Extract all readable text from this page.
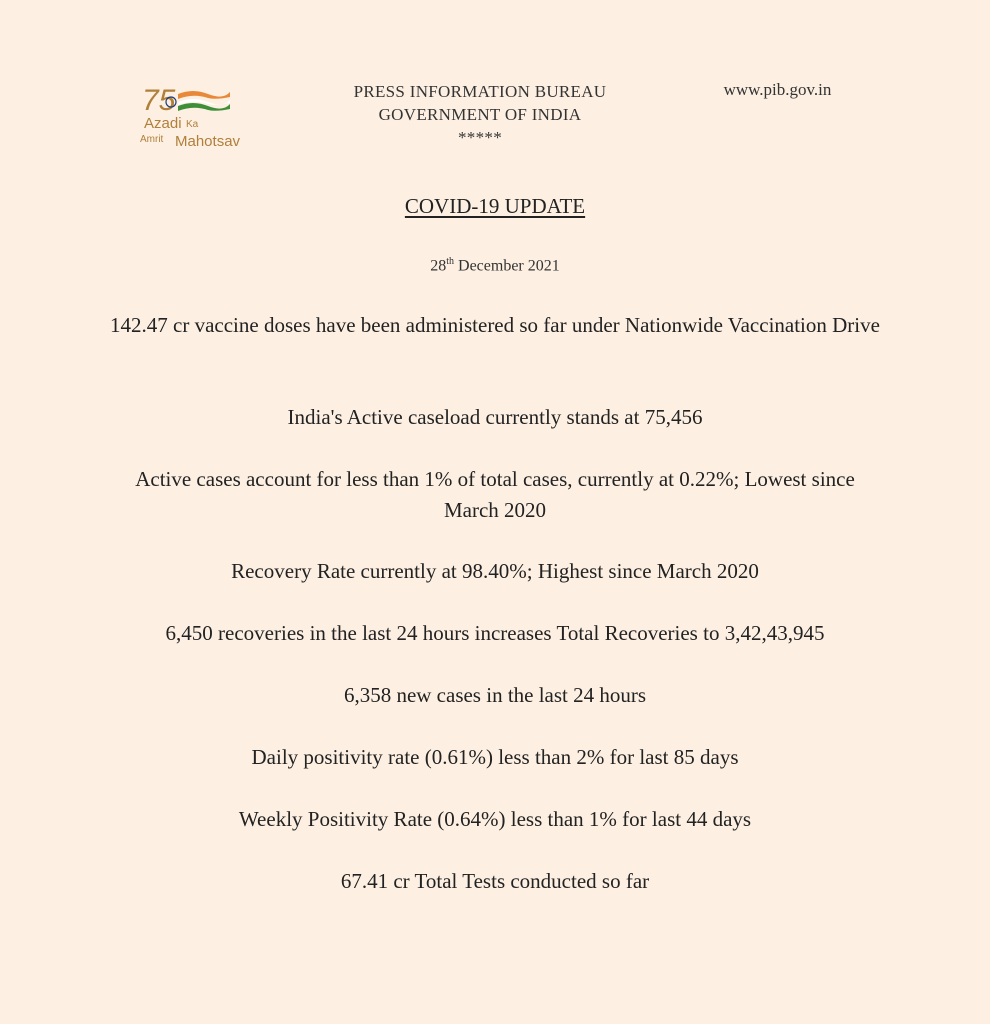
75
Azadi Ka
Amrit Mahotsav
PRESS INFORMATION BUREAU
GOVERNMENT OF INDIA
*****
www.pib.gov.in
COVID-19 UPDATE
28th December 2021
142.47 cr vaccine doses have been administered so far under Nationwide Vaccination Drive
India's Active caseload currently stands at 75,456
Active cases account for less than 1% of total cases, currently at 0.22%; Lowest since March 2020
Recovery Rate currently at 98.40%; Highest since March 2020
6,450 recoveries in the last 24 hours increases Total Recoveries to 3,42,43,945
6,358 new cases in the last 24 hours
Daily positivity rate (0.61%) less than 2% for last 85 days
Weekly Positivity Rate (0.64%) less than 1% for last 44 days
67.41 cr Total Tests conducted so far
